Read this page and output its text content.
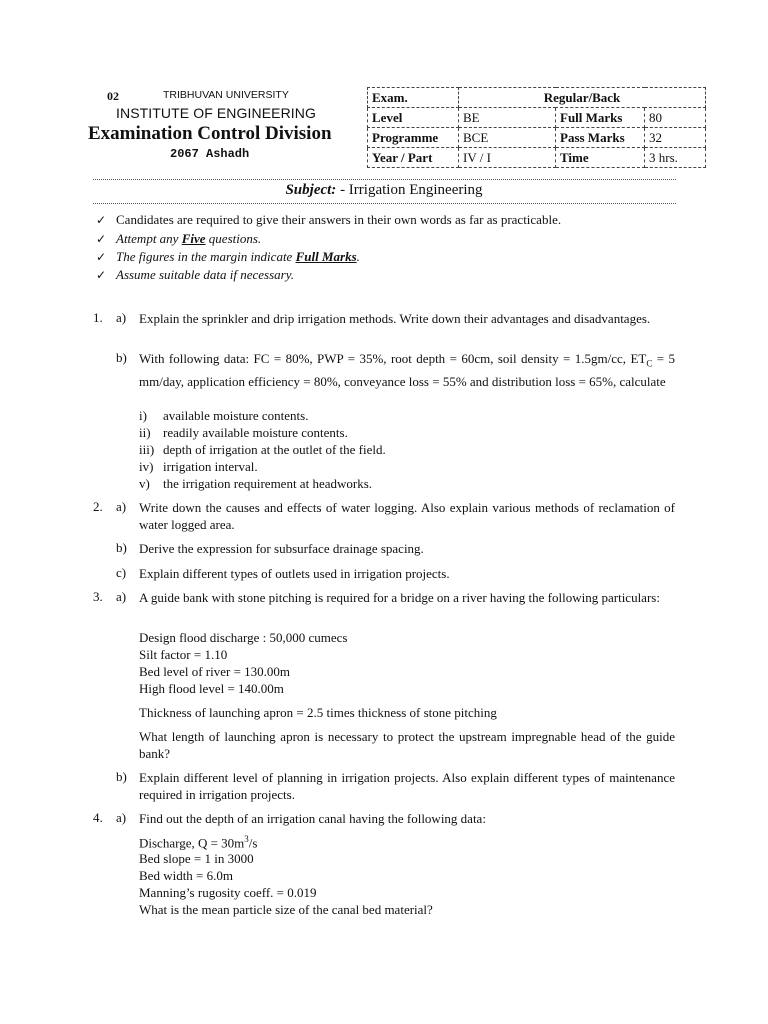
02	TRIBHUVAN UNIVERSITY
INSTITUTE OF ENGINEERING
Examination Control Division
2067 Ashadh
Exam.	Regular/Back		
Level	BE	Full Marks	80
Programme	BCE	Pass Marks	32
Year / Part	IV / I	Time	3 hrs.
Subject: - Irrigation Engineering
✓ Candidates are required to give their answers in their own words as far as practicable.
✓ Attempt any Five questions.
✓ The figures in the margin indicate Full Marks.
✓ Assume suitable data if necessary.
1. a) Explain the sprinkler and drip irrigation methods. Write down their advantages and disadvantages.
b) With following data: FC = 80%, PWP = 35%, root depth = 60cm, soil density = 1.5gm/cc, $ET_C = 5$ mm/day, application efficiency = 80%, conveyance loss = 55% and distribution loss = 65%, calculate
i) available moisture contents.
ii) readily available moisture contents.
iii) depth of irrigation at the outlet of the field.
iv) irrigation interval.
v) the irrigation requirement at headworks.
2. a) Write down the causes and effects of water logging. Also explain various methods of reclamation of water logged area.
b) Derive the expression for subsurface drainage spacing.
c) Explain different types of outlets used in irrigation projects.
3. a) A guide bank with stone pitching is required for a bridge on a river having the following particulars:
Design flood discharge : 50,000 cumecs
Silt factor = 1.10
Bed level of river = 130.00m
High flood level = 140.00m
Thickness of launching apron = 2.5 times thickness of stone pitching
What length of launching apron is necessary to protect the upstream impregnable head of the guide bank?
b) Explain different level of planning in irrigation projects. Also explain different types of maintenance required in irrigation projects.
4. a) Find out the depth of an irrigation canal having the following data:
Discharge, $Q = 30m^3/s$
Bed slope = 1 in 3000
Bed width = 6.0m
Manning’s rugosity coeff. = 0.019
What is the mean particle size of the canal bed material?
